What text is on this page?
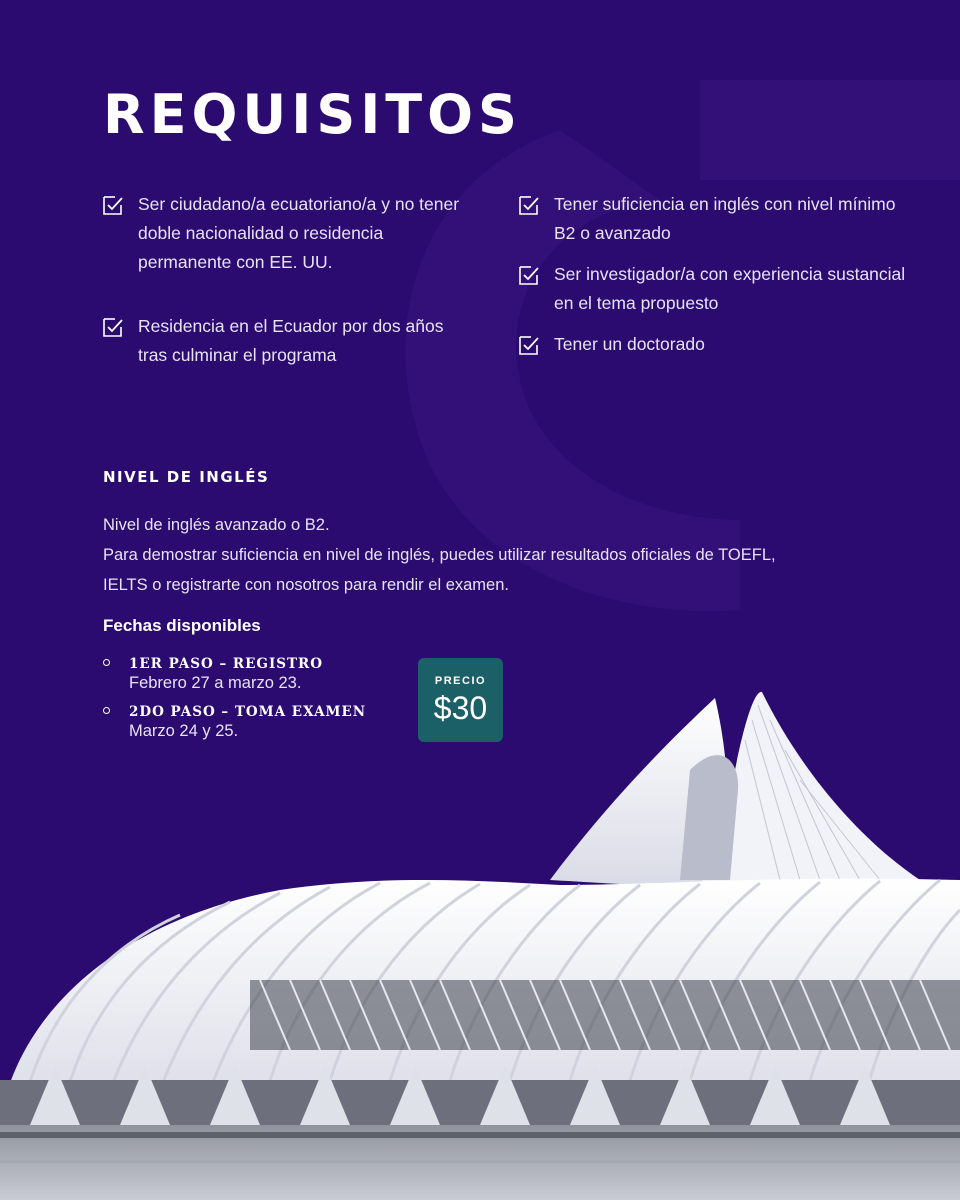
REQUISITOS
Ser ciudadano/a ecuatoriano/a y no tener doble nacionalidad o residencia permanente con EE. UU.
Residencia en el Ecuador por dos años tras culminar el programa
Tener suficiencia en inglés con nivel mínimo B2 o avanzado
Ser investigador/a con experiencia sustancial en el tema propuesto
Tener un doctorado
NIVEL DE INGLÉS

Nivel de inglés avanzado o B2.

Para demostrar suficiencia en nivel de inglés, puedes utilizar resultados oficiales de TOEFL, IELTS o registrarte con nosotros para rendir el examen.

Fechas disponibles
1ER PASO – REGISTRO
Febrero 27 a marzo 23.
2DO PASO – TOMA EXAMEN
Marzo 24 y 25.
PRECIO
$30
